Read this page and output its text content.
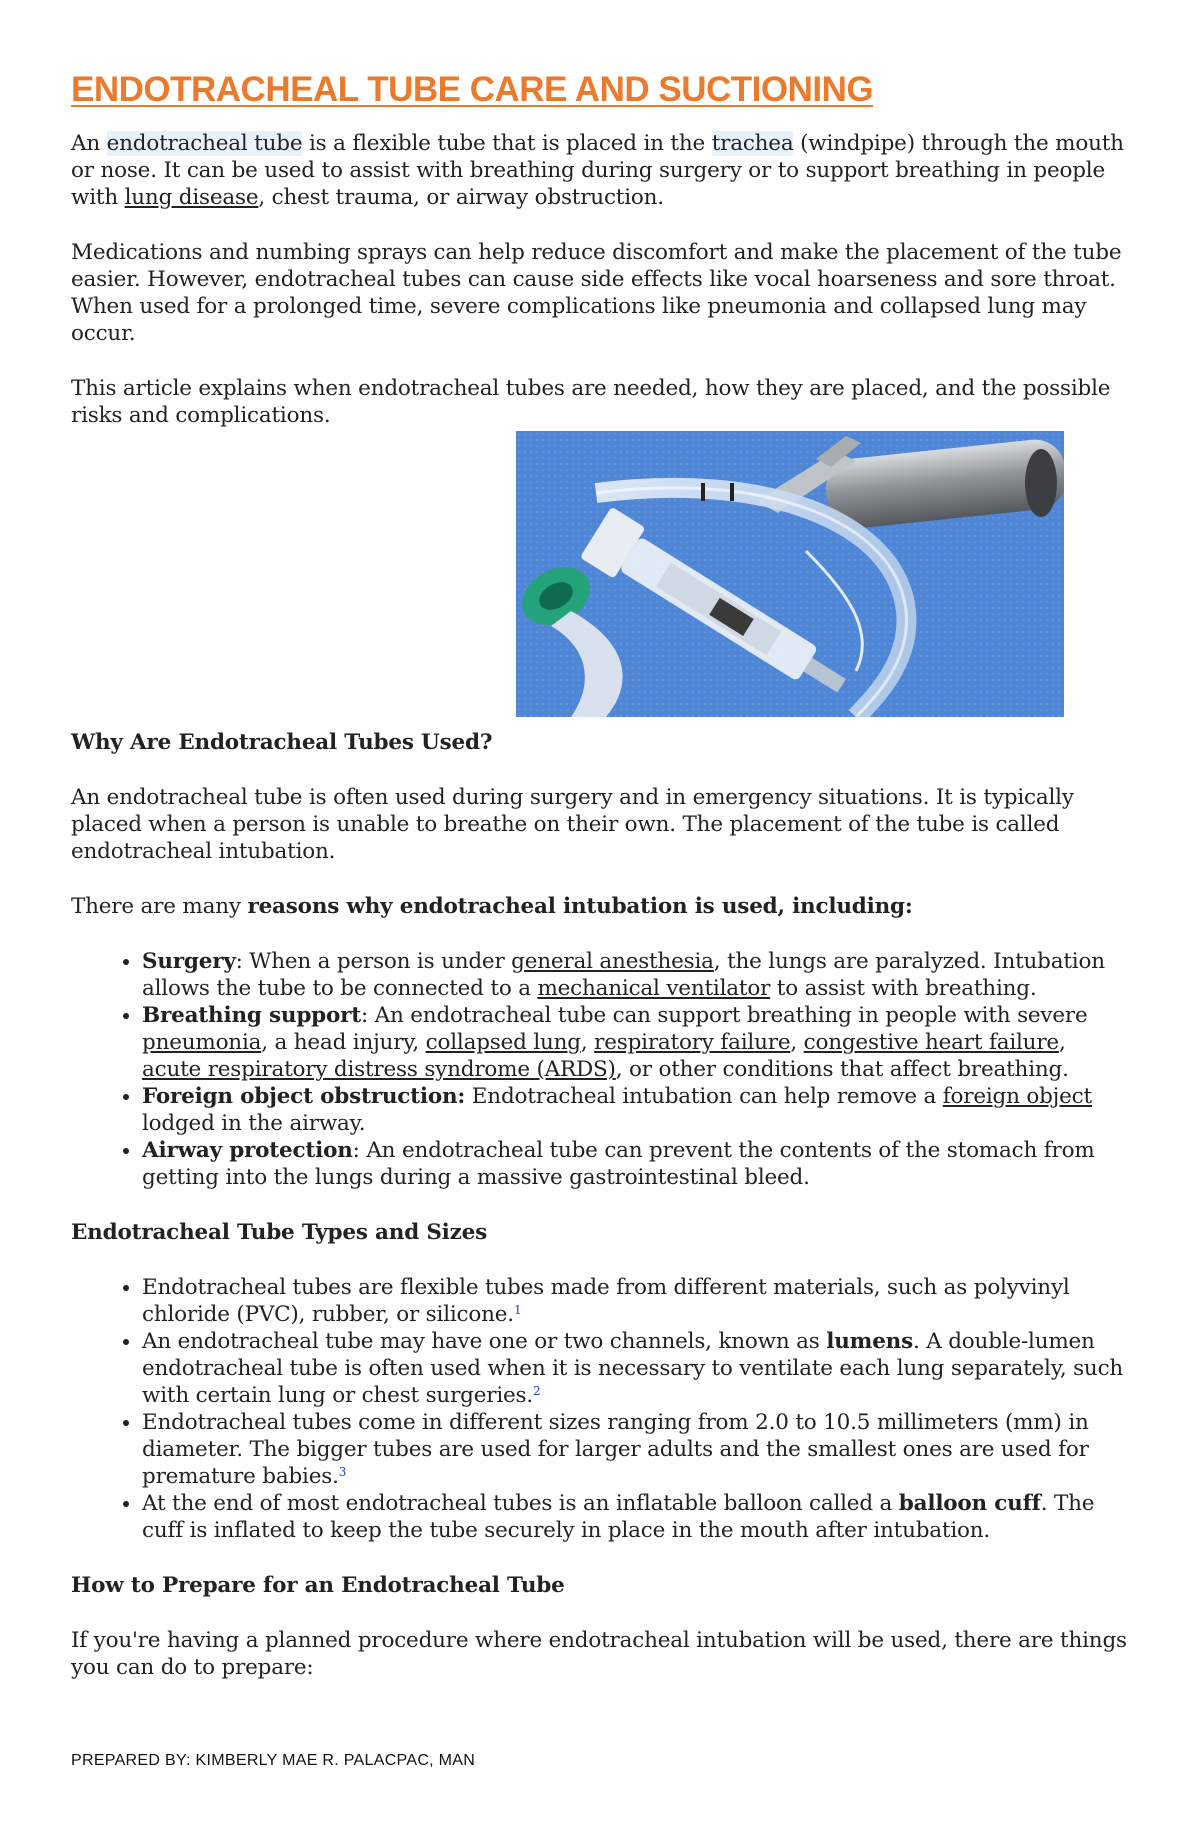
ENDOTRACHEAL TUBE CARE AND SUCTIONING

An endotracheal tube is a flexible tube that is placed in the trachea (windpipe) through the mouth or nose. It can be used to assist with breathing during surgery or to support breathing in people with lung disease, chest trauma, or airway obstruction.

Medications and numbing sprays can help reduce discomfort and make the placement of the tube easier. However, endotracheal tubes can cause side effects like vocal hoarseness and sore throat. When used for a prolonged time, severe complications like pneumonia and collapsed lung may occur.

This article explains when endotracheal tubes are needed, how they are placed, and the possible risks and complications.

Why Are Endotracheal Tubes Used?

An endotracheal tube is often used during surgery and in emergency situations. It is typically placed when a person is unable to breathe on their own. The placement of the tube is called endotracheal intubation.

There are many reasons why endotracheal intubation is used, including:

• Surgery: When a person is under general anesthesia, the lungs are paralyzed. Intubation allows the tube to be connected to a mechanical ventilator to assist with breathing.
• Breathing support: An endotracheal tube can support breathing in people with severe pneumonia, a head injury, collapsed lung, respiratory failure, congestive heart failure, acute respiratory distress syndrome (ARDS), or other conditions that affect breathing.
• Foreign object obstruction: Endotracheal intubation can help remove a foreign object lodged in the airway.
• Airway protection: An endotracheal tube can prevent the contents of the stomach from getting into the lungs during a massive gastrointestinal bleed.
Endotracheal Tube Types and Sizes
• Endotracheal tubes are flexible tubes made from different materials, such as polyvinyl chloride (PVC), rubber, or silicone.$^1$
• An endotracheal tube may have one or two channels, known as lumens. A double-lumen endotracheal tube is often used when it is necessary to ventilate each lung separately, such with certain lung or chest surgeries.$^2$
• Endotracheal tubes come in different sizes ranging from 2.0 to 10.5 millimeters (mm) in diameter. The bigger tubes are used for larger adults and the smallest ones are used for premature babies.$^3$
• At the end of most endotracheal tubes is an inflatable balloon called a balloon cuff. The cuff is inflated to keep the tube securely in place in the mouth after intubation.
How to Prepare for an Endotracheal Tube

If you're having a planned procedure where endotracheal intubation will be used, there are things you can do to prepare:

PREPARED BY: KIMBERLY MAE R. PALACPAC, MAN
